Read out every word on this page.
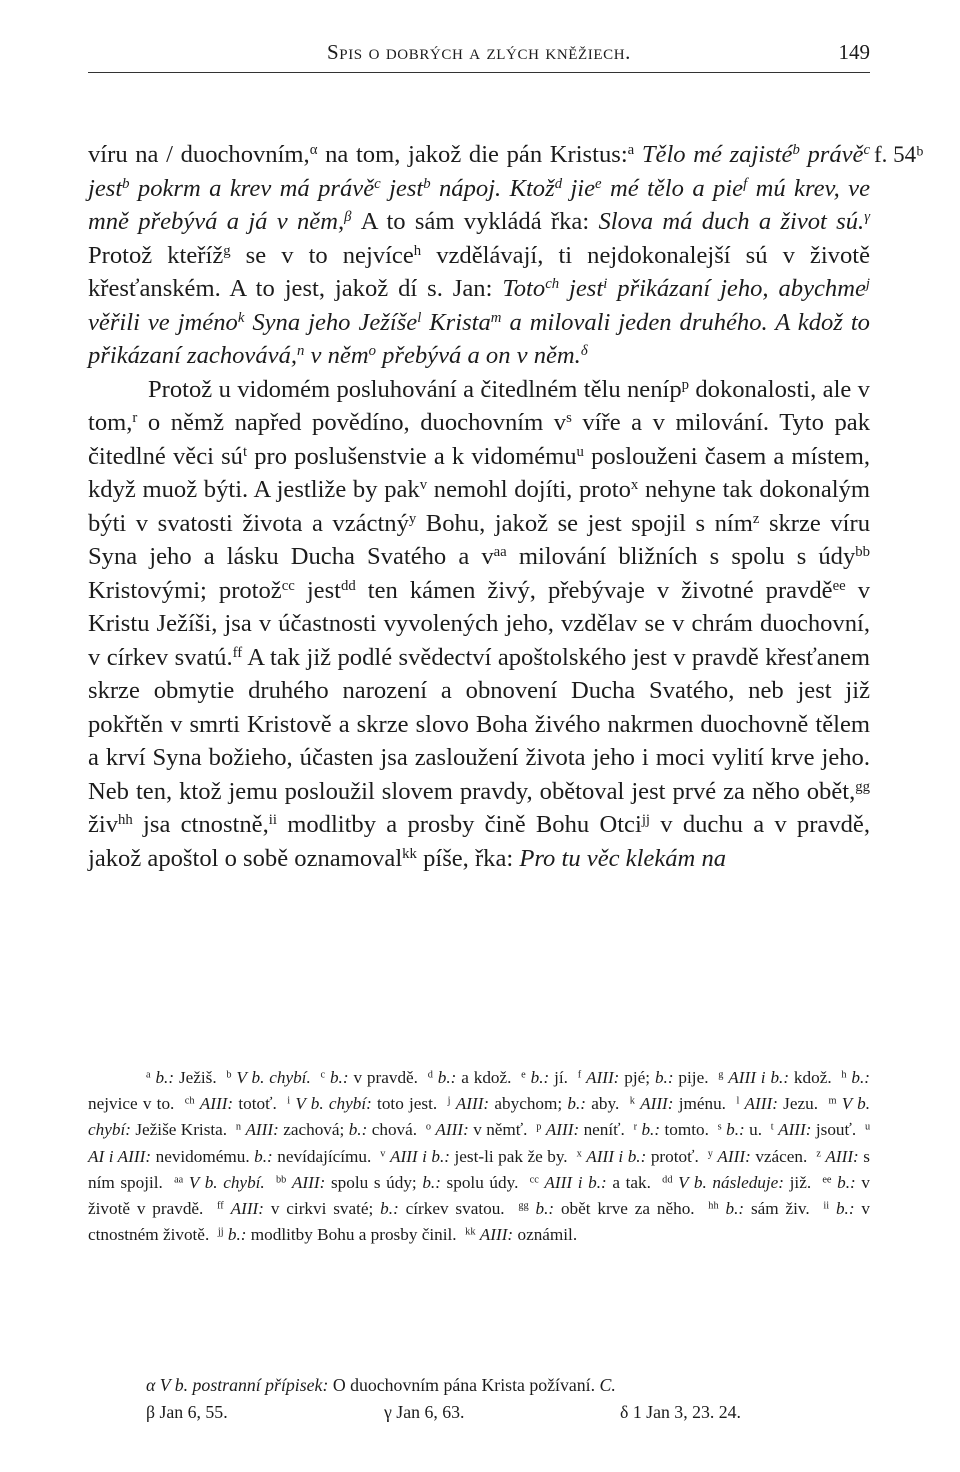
Spis o dobrých a zlých kněžiech.	149
f. 54ᵇ

víru na / duochovním,$^\alpha$ na tom, jakož die pán Kristus:$^a$ Tělo mé zajisté$^b$ právě$^c$ jest$^b$ pokrm a krev má právě$^c$ jest$^b$ nápoj. Ktož$^d$ jie$^e$ mé tělo a pie$^f$ mú krev, ve mně přebývá a já v něm,$^\beta$ A to sám vykládá řka: Slova má duch a život sú.$^\gamma$ Protož kteříž$^g$ se v to nejvíce$^h$ vzdělávají, ti nejdokonalejší sú v životě křesťanském. A to jest, jakož dí s. Jan: Toto$^{ch}$ jest$^i$ přikázaní jeho, abychme$^j$ věřili ve jméno$^k$ Syna jeho Ježíše$^l$ Krista$^m$ a milovali jeden druhého. A kdož to přikázaní zachovává,$^n$ v něm$^o$ přebývá a on v něm.$^\delta$

Protož u vidomém posluhování a čitedlném tělu neníp$^p$ dokonalosti, ale v tom,$^r$ o němž napřed povědíno, duochovním $v^s$ víře a v milování. Tyto pak čitedlné věci $sú^t$ pro poslušenstvie a k vidomému$^u$ poslouženi časem a místem, když muož býti. A jestliže by pak$^v$ nemohl dojíti, proto$^x$ nehyne tak dokonalým býti v svatosti života a vzáctný$^y$ Bohu, jakož se jest spojil s ním$^z$ skrze víru Syna jeho a lásku Ducha Svatého a $v^{aa}$ milování bližních s spolu s údy$^{bb}$ Kristovými; protož$^{cc}$ jest$^{dd}$ ten kámen živý, přebývaje v životné pravdě$^{ee}$ v Kristu Ježíši, jsa v účastnosti vyvolených jeho, vzdělav se v chrám duochovní, v církev svatú.$^{ff}$ A tak již podlé svědectví apoštolského jest v pravdě křesťanem skrze obmytie druhého narození a obnovení Ducha Svatého, neb jest již pokřtěn v smrti Kristově a skrze slovo Boha živého nakrmen duochovně tělem a krví Syna božieho, účasten jsa zasloužení života jeho i moci vylití krve jeho. Neb ten, ktož jemu posloužil slovem pravdy, obětoval jest prvé za něho obět,$^{gg}$ živ$^{hh}$ jsa ctnostně,$^{ii}$ modlitby a prosby čině Bohu Otci$^{jj}$ v duchu a v pravdě, jakož apoštol o sobě oznamoval$^{kk}$ píše, řka: Pro tu věc klekám na

$^a$ b.: Ježiš.  $^b$ V b. chybí. $^c$ b.: v pravdě.  $^d$ b.: a kdož.  $^e$ b.: jí.  $^f$ AIII: pjé; b.: pije.  $^g$ AIII i b.: kdož.  $^h$ b.: nejvice v to.  $^{ch}$ AIII: totoť.  $^i$ V b. chybí: toto jest.  $^j$ AIII: abychom; b.: aby.  $^k$ AIII: jménu.  $^l$ AIII: Jezu.  $^m$ V b. chybí: Ježiše Krista.  $^n$ AIII: zachová; b.: chová.  $^o$ AIII: v němť.  $^p$ AIII: neníť.  $^r$ b.: tomto.  $^s$ b.: u.  $^t$ AIII: jsouť.  $^u$ AI i AIII: nevidomému. b.: nevídajícímu.  $^v$ AIII i b.: jest-li pak že by.  $^x$ AIII i b.: protoť.  $^y$ AIII: vzácen.  $^z$ AIII: s ním spojil.  $^{aa}$ V b. chybí. $^{bb}$ AIII: spolu s údy; b.: spolu údy.  $^{cc}$ AIII i b.: a tak.  $^{dd}$ V b. následuje: již.  $^{ee}$ b.: v životě v pravdě.  $^{ff}$ AIII: v cirkvi svaté; b.: církev svatou.  $^{gg}$ b.: obět krve za něho.  $^{hh}$ b.: sám živ.  $^{ii}$ b.: v ctnostném životě.  $^{jj}$ b.: modlitby Bohu a prosby činil.  $^{kk}$ AIII: oznámil.

α V b. postranní přípisek: O duochovním pána Krista požívaní. C.

β Jan 6, 55.	γ Jan 6, 63.	δ 1 Jan 3, 23. 24.
